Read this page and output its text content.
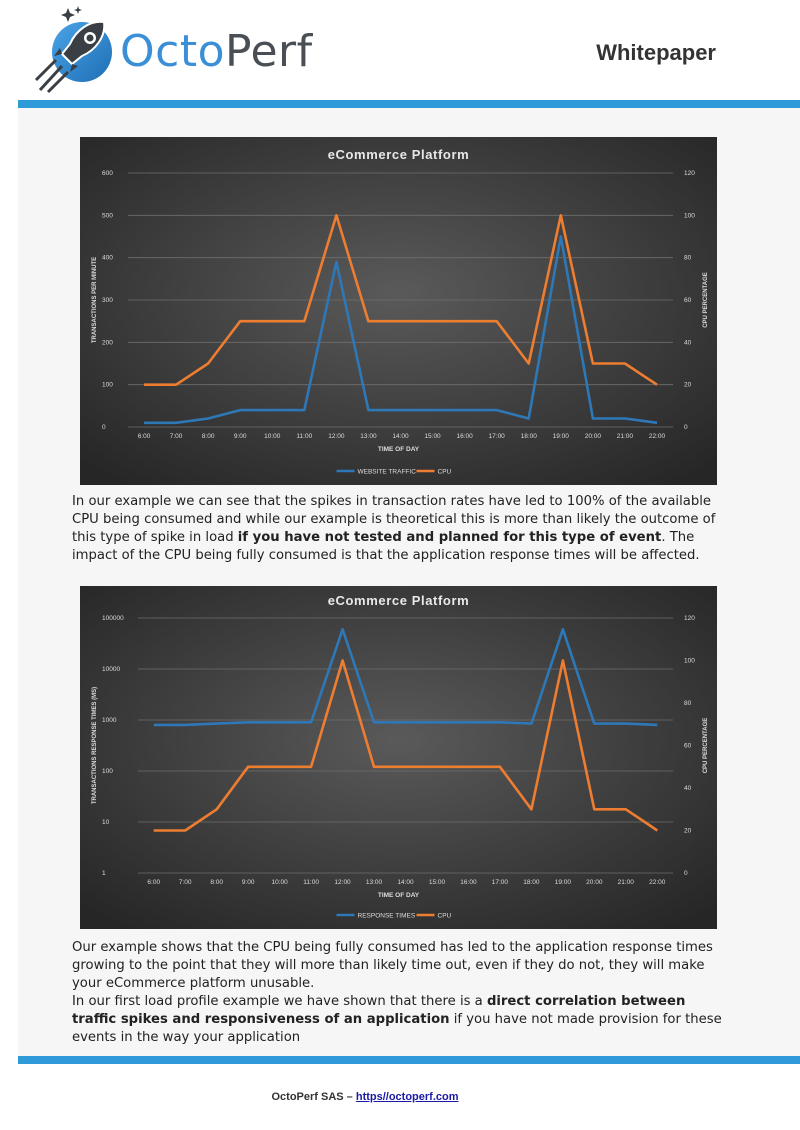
OctoPerf	Whitepaper
eCommerce Platform
0
100
200
300
400
500
600
0
20
40
60
80
100
120
6:00	7:00	8:00	9:00	10:00 11:00 12:00 13:00 14:00 15:00 16:00 17:00 18:00 19:00 20:00 21:00 22:00
TIME OF DAY
TRANSACTIONS PER MINUTE	CPU PERCENTAGE
WEBSITE TRAFFIC	CPU
In our example we can see that the spikes in transaction rates have led to 100% of the available CPU being consumed and while our example is theoretical this is more than likely the outcome of this type of spike in load if you have not tested and planned for this type of event. The impact of the CPU being fully consumed is that the application response times will be affected.
eCommerce Platform
1
10
100
1000
10000
100000
0
20
40
60
80
100
120
6:00	7:00	8:00	9:00	10:00 11:00 12:00 13:00 14:00 15:00 16:00 17:00 18:00 19:00 20:00 21:00 22:00
TIME OF DAY
TRANSACTIONS RESPONSE TIMES (MS)	CPU PERCENTAGE
RESPONSE TIMES	CPU
Our example shows that the CPU being fully consumed has led to the application response times growing to the point that they will more than likely time out, even if they do not, they will make your eCommerce platform unusable.
In our first load profile example we have shown that there is a direct correlation between traffic spikes and responsiveness of an application if you have not made provision for these events in the way your application
OctoPerf SAS – https//octoperf.com
